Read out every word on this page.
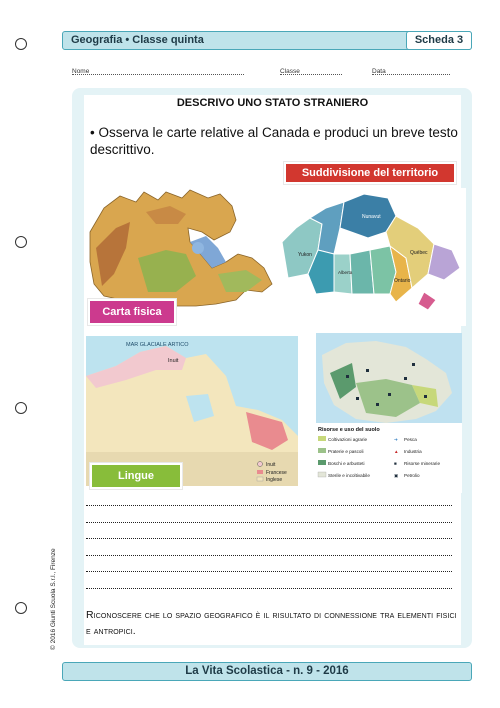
Geografia • Classe quinta	Scheda 3
Nome	Classe	Data
DESCRIVO UNO STATO STRANIERO
• Osserva le carte relative al Canada e produci un breve testo descrittivo.
Yukon
Nunavut
Alberta
Ontario
Québec
Suddivisione del territorio
Carta fisica
MAR GLACIALE ARTICO
Inuit
Inuit
Francese
Inglese
Lingue
Risorse e uso del suolo
Coltivazioni agrarie
Praterie e pascoli
Boschi e arbusteti
Sterile e incoltivabile
➔ Pesca
▲ Industria
■ Risorse minerarie
▣ Petrolio
Riconoscere che lo spazio geografico è il risultato di connessione tra elementi fisici e antropici.
La Vita Scolastica - n. 9 - 2016
© 2016 Giunti Scuola S.r.l., Firenze
